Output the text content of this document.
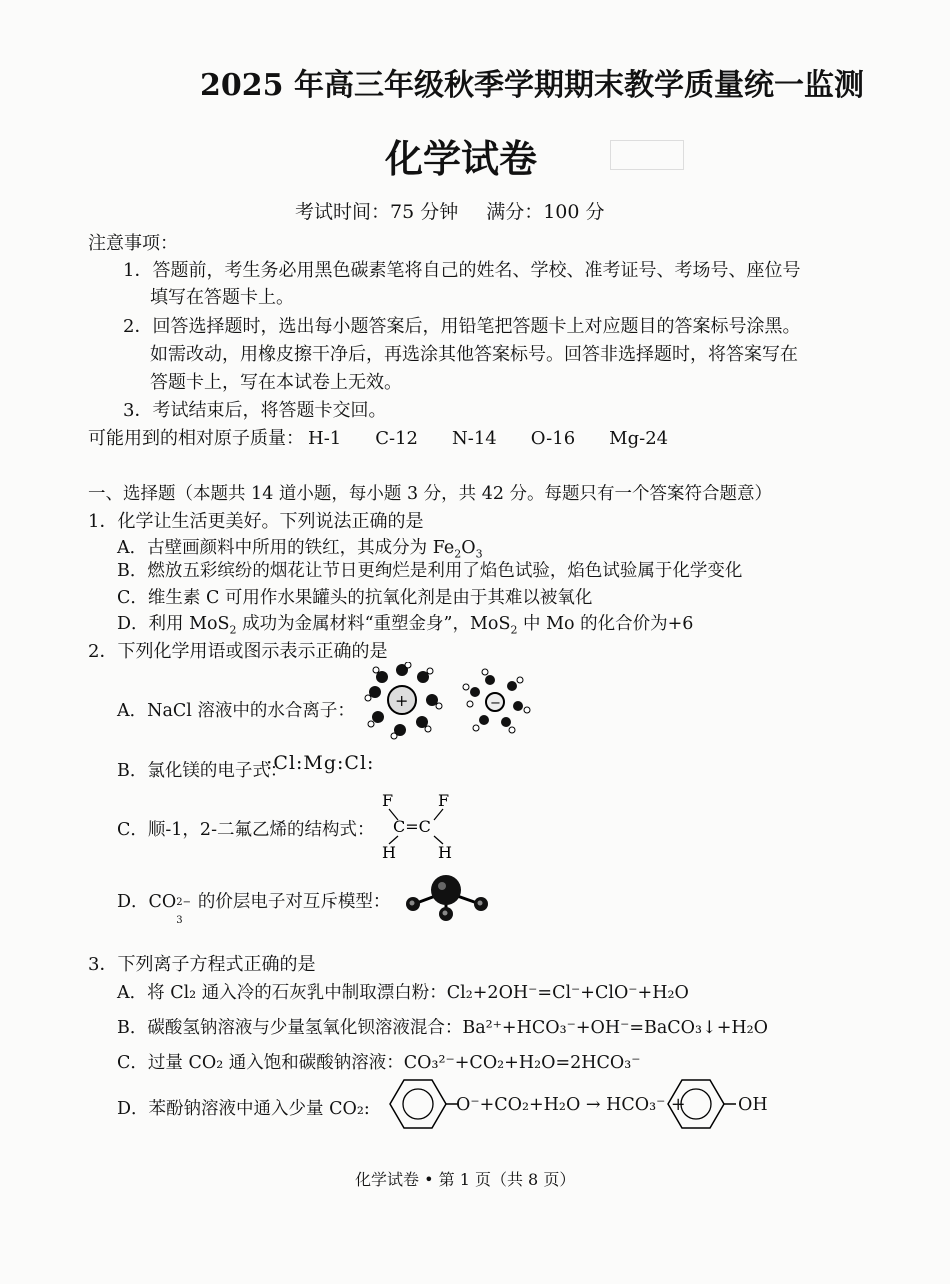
2025 年高三年级秋季学期期末教学质量统一监测
化学试卷
考试时间：75 分钟 满分：100 分
注意事项：
1．答题前，考生务必用黑色碳素笔将自己的姓名、学校、准考证号、考场号、座位号
填写在答题卡上。
2．回答选择题时，选出每小题答案后，用铅笔把答题卡上对应题目的答案标号涂黑。
如需改动，用橡皮擦干净后，再选涂其他答案标号。回答非选择题时，将答案写在
答题卡上，写在本试卷上无效。
3．考试结束后，将答题卡交回。
可能用到的相对原子质量： H-1 C-12 N-14 O-16 Mg-24
一、选择题（本题共 14 道小题，每小题 3 分，共 42 分。每题只有一个答案符合题意）
1．化学让生活更美好。下列说法正确的是
A．古壁画颜料中所用的铁红，其成分为 $Fe_2O_3$
B．燃放五彩缤纷的烟花让节日更绚烂是利用了焰色试验，焰色试验属于化学变化
C．维生素 C 可用作水果罐头的抗氧化剂是由于其难以被氧化
D．利用 MoS$_2$ 成功为金属材料“重塑金身”，MoS$_2$ 中 Mo 的化合价为+6
2．下列化学用语或图示表示正确的是
A．NaCl 溶液中的水合离子：
+	−
B．氯化镁的电子式：
:Cl:Mg:Cl:
C．顺-1，2-二氟乙烯的结构式：
F	F
C=C
H	H
D．CO 2−
3
的价层电子对互斥模型：
3．下列离子方程式正确的是
A．将 Cl₂ 通入冷的石灰乳中制取漂白粉：Cl₂+2OH⁻=Cl⁻+ClO⁻+H₂O
B．碳酸氢钠溶液与少量氢氧化钡溶液混合：Ba²⁺+HCO₃⁻+OH⁻=BaCO₃↓+H₂O
C．过量 CO₂ 通入饱和碳酸钠溶液：CO₃²⁻+CO₂+H₂O=2HCO₃⁻
D．苯酚钠溶液中通入少量 CO₂:	O⁻+CO₂+H₂O → HCO₃⁻ +	OH
化学试卷 • 第 1 页（共 8 页）
